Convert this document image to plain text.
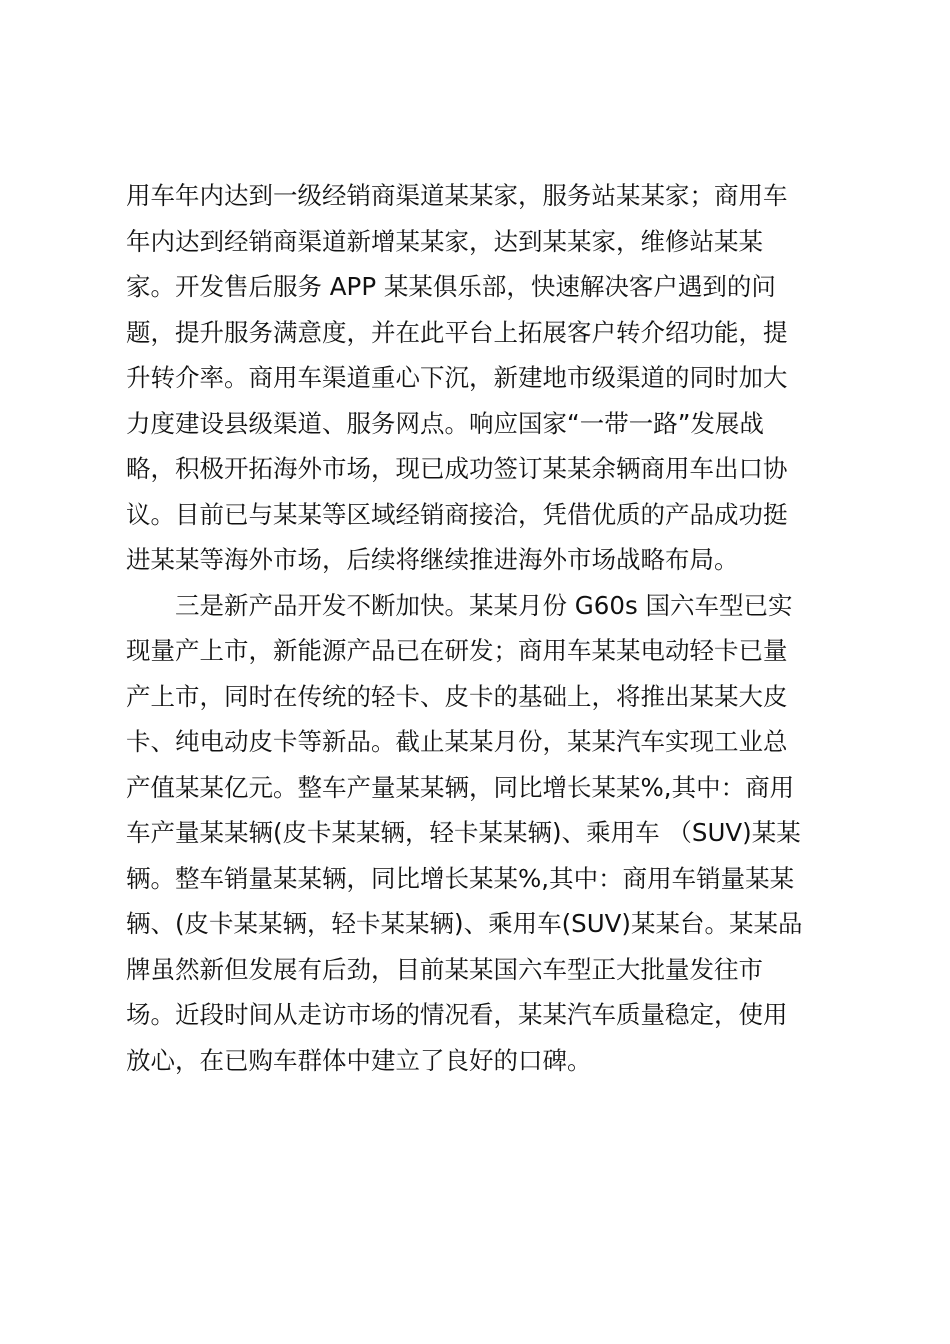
用车年内达到一级经销商渠道某某家，服务站某某家；商用车
年内达到经销商渠道新增某某家，达到某某家，维修站某某
家。开发售后服务 APP 某某俱乐部，快速解决客户遇到的问
题，提升服务满意度，并在此平台上拓展客户转介绍功能，提
升转介率。商用车渠道重心下沉，新建地市级渠道的同时加大
力度建设县级渠道、服务网点。响应国家“一带一路”发展战
略，积极开拓海外市场，现已成功签订某某余辆商用车出口协
议。目前已与某某等区域经销商接洽，凭借优质的产品成功挺
进某某等海外市场，后续将继续推进海外市场战略布局。
三是新产品开发不断加快。某某月份 G60s 国六车型已实
现量产上市，新能源产品已在研发；商用车某某电动轻卡已量
产上市，同时在传统的轻卡、皮卡的基础上，将推出某某大皮
卡、纯电动皮卡等新品。截止某某月份，某某汽车实现工业总
产值某某亿元。整车产量某某辆，同比增长某某%,其中：商用
车产量某某辆(皮卡某某辆，轻卡某某辆)、乘用车 （SUV)某某
辆。整车销量某某辆，同比增长某某%,其中：商用车销量某某
辆、(皮卡某某辆，轻卡某某辆)、乘用车(SUV)某某台。某某品
牌虽然新但发展有后劲，目前某某国六车型正大批量发往市
场。近段时间从走访市场的情况看，某某汽车质量稳定，使用
放心，在已购车群体中建立了良好的口碑。
